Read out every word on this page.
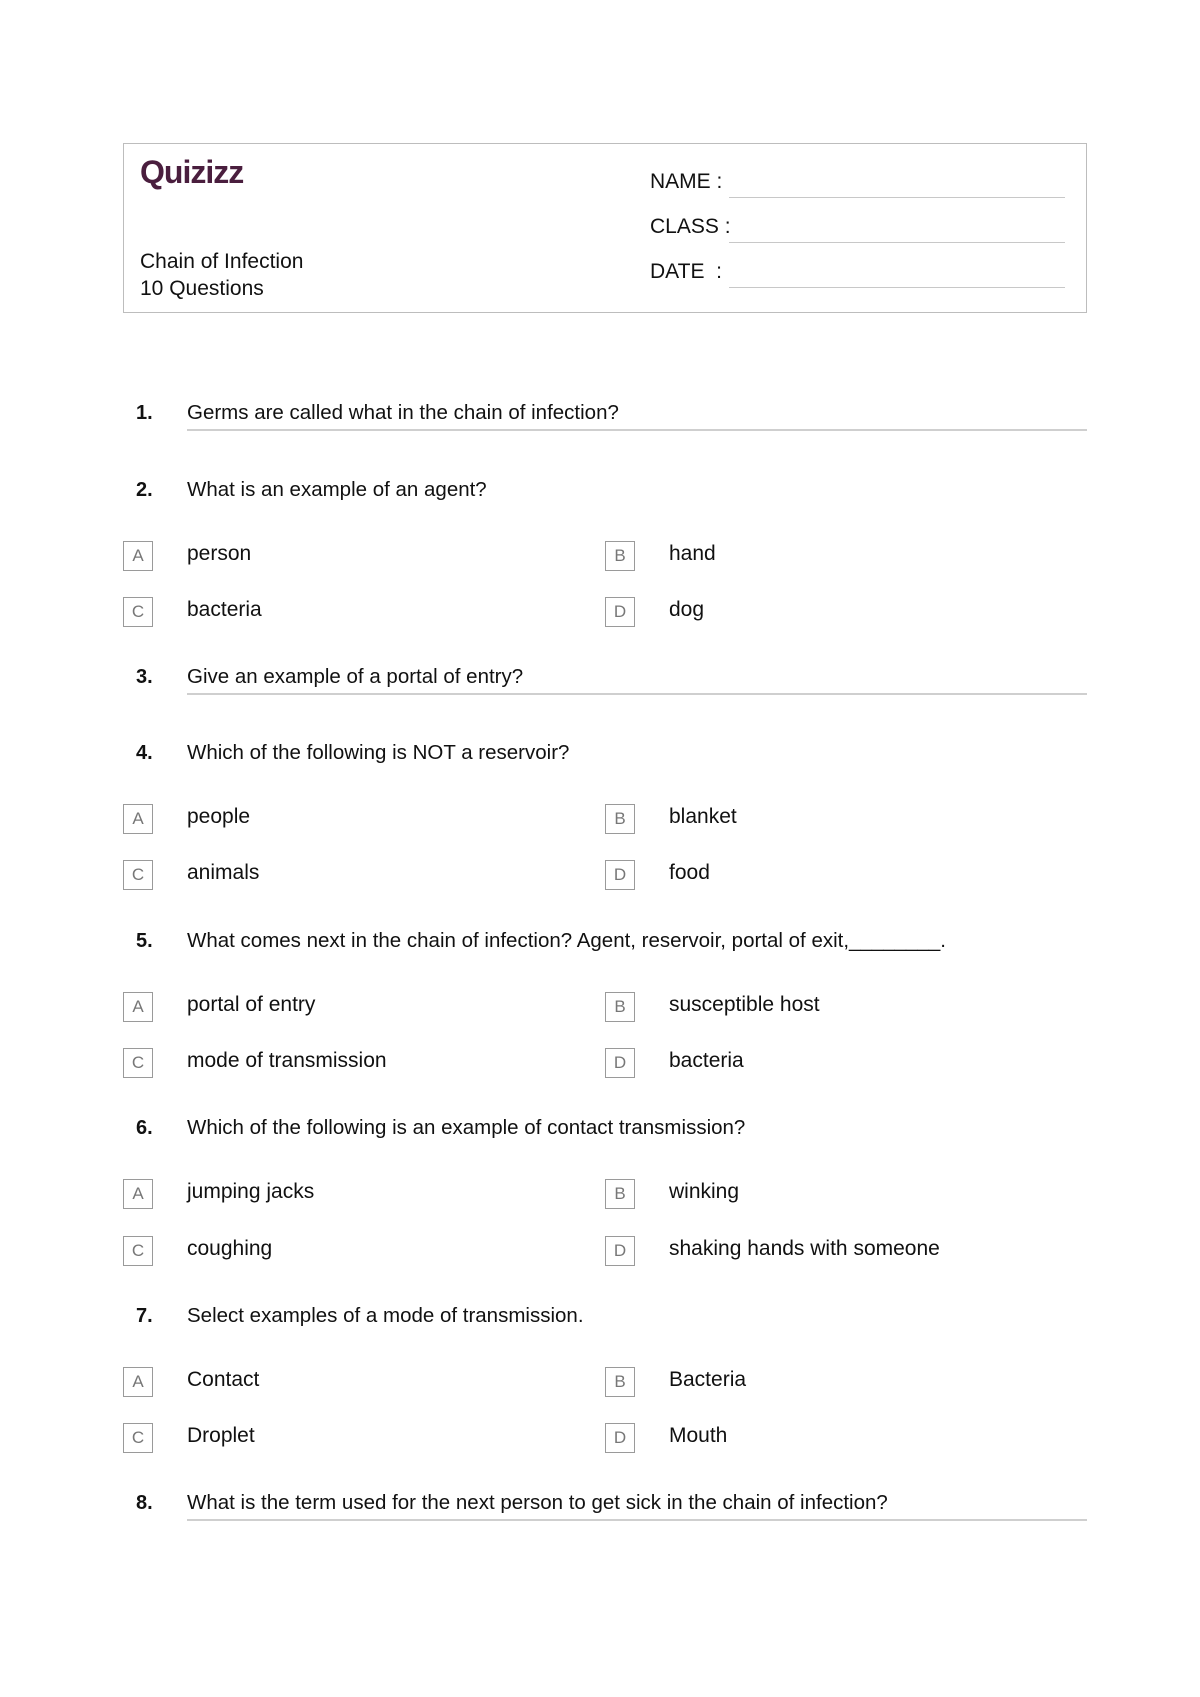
Quizizz
Chain of Infection
10 Questions
NAME :
CLASS :
DATE  :
1. Germs are called what in the chain of infection?
2. What is an example of an agent?
A	person	B	hand
C	bacteria	D	dog
3. Give an example of a portal of entry?
4. Which of the following is NOT a reservoir?
A	people	B	blanket
C	animals	D	food
5. What comes next in the chain of infection? Agent, reservoir, portal of exit,________.
A	portal of entry	B	susceptible host
C	mode of transmission	D	bacteria
6. Which of the following is an example of contact transmission?
A	jumping jacks	B	winking
C	coughing	D	shaking hands with someone
7. Select examples of a mode of transmission.
A	Contact	B	Bacteria
C	Droplet	D	Mouth
8. What is the term used for the next person to get sick in the chain of infection?
